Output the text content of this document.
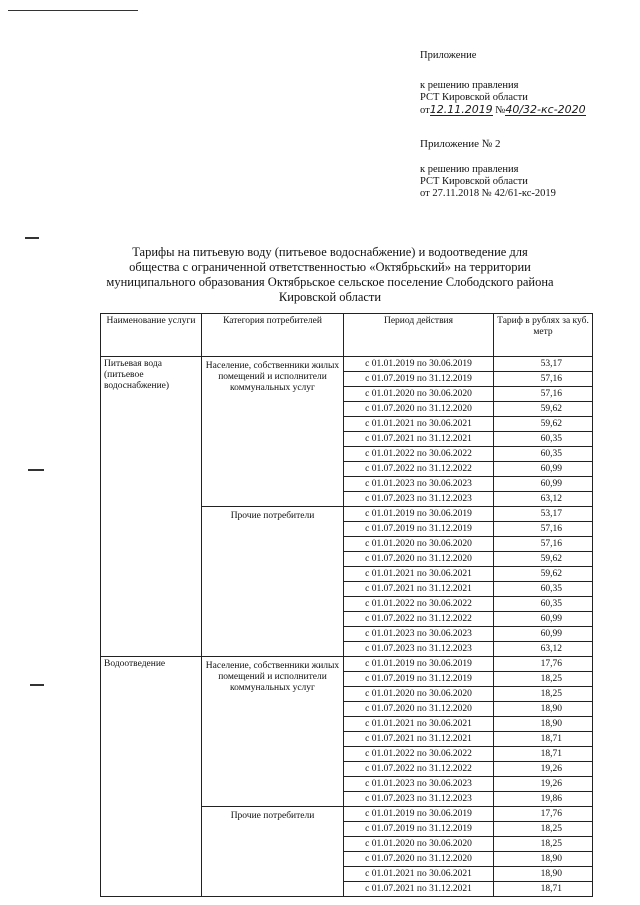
Приложение
к решению правления
РСТ Кировской области
от12.11.2019 №40/32-кс-2020
Приложение № 2
к решению правления
РСТ Кировской области
от 27.11.2018 № 42/61-кс-2019
Тарифы на питьевую воду (питьевое водоснабжение) и водоотведение для
общества с ограниченной ответственностью «Октябрьский» на территории
муниципального образования Октябрьское сельское поселение Слободского района
Кировской области
Наименование услуги	Категория потребителей	Период действия	Тариф в рублях за куб. метр
Питьевая вода (питьевое водоснабжение)	Население, собственники жилых помещений и исполнители коммунальных услуг	с 01.01.2019 по 30.06.2019	53,17
		с 01.07.2019 по 31.12.2019	57,16
		с 01.01.2020 по 30.06.2020	57,16
		с 01.07.2020 по 31.12.2020	59,62
		с 01.01.2021 по 30.06.2021	59,62
		с 01.07.2021 по 31.12.2021	60,35
		с 01.01.2022 по 30.06.2022	60,35
		с 01.07.2022 по 31.12.2022	60,99
		с 01.01.2023 по 30.06.2023	60,99
		с 01.07.2023 по 31.12.2023	63,12
	Прочие потребители	с 01.01.2019 по 30.06.2019	53,17
		с 01.07.2019 по 31.12.2019	57,16
		с 01.01.2020 по 30.06.2020	57,16
		с 01.07.2020 по 31.12.2020	59,62
		с 01.01.2021 по 30.06.2021	59,62
		с 01.07.2021 по 31.12.2021	60,35
		с 01.01.2022 по 30.06.2022	60,35
		с 01.07.2022 по 31.12.2022	60,99
		с 01.01.2023 по 30.06.2023	60,99
		с 01.07.2023 по 31.12.2023	63,12
Водоотведение	Население, собственники жилых помещений и исполнители коммунальных услуг	с 01.01.2019 по 30.06.2019	17,76
		с 01.07.2019 по 31.12.2019	18,25
		с 01.01.2020 по 30.06.2020	18,25
		с 01.07.2020 по 31.12.2020	18,90
		с 01.01.2021 по 30.06.2021	18,90
		с 01.07.2021 по 31.12.2021	18,71
		с 01.01.2022 по 30.06.2022	18,71
		с 01.07.2022 по 31.12.2022	19,26
		с 01.01.2023 по 30.06.2023	19,26
		с 01.07.2023 по 31.12.2023	19,86
	Прочие потребители	с 01.01.2019 по 30.06.2019	17,76
		с 01.07.2019 по 31.12.2019	18,25
		с 01.01.2020 по 30.06.2020	18,25
		с 01.07.2020 по 31.12.2020	18,90
		с 01.01.2021 по 30.06.2021	18,90
		с 01.07.2021 по 31.12.2021	18,71
